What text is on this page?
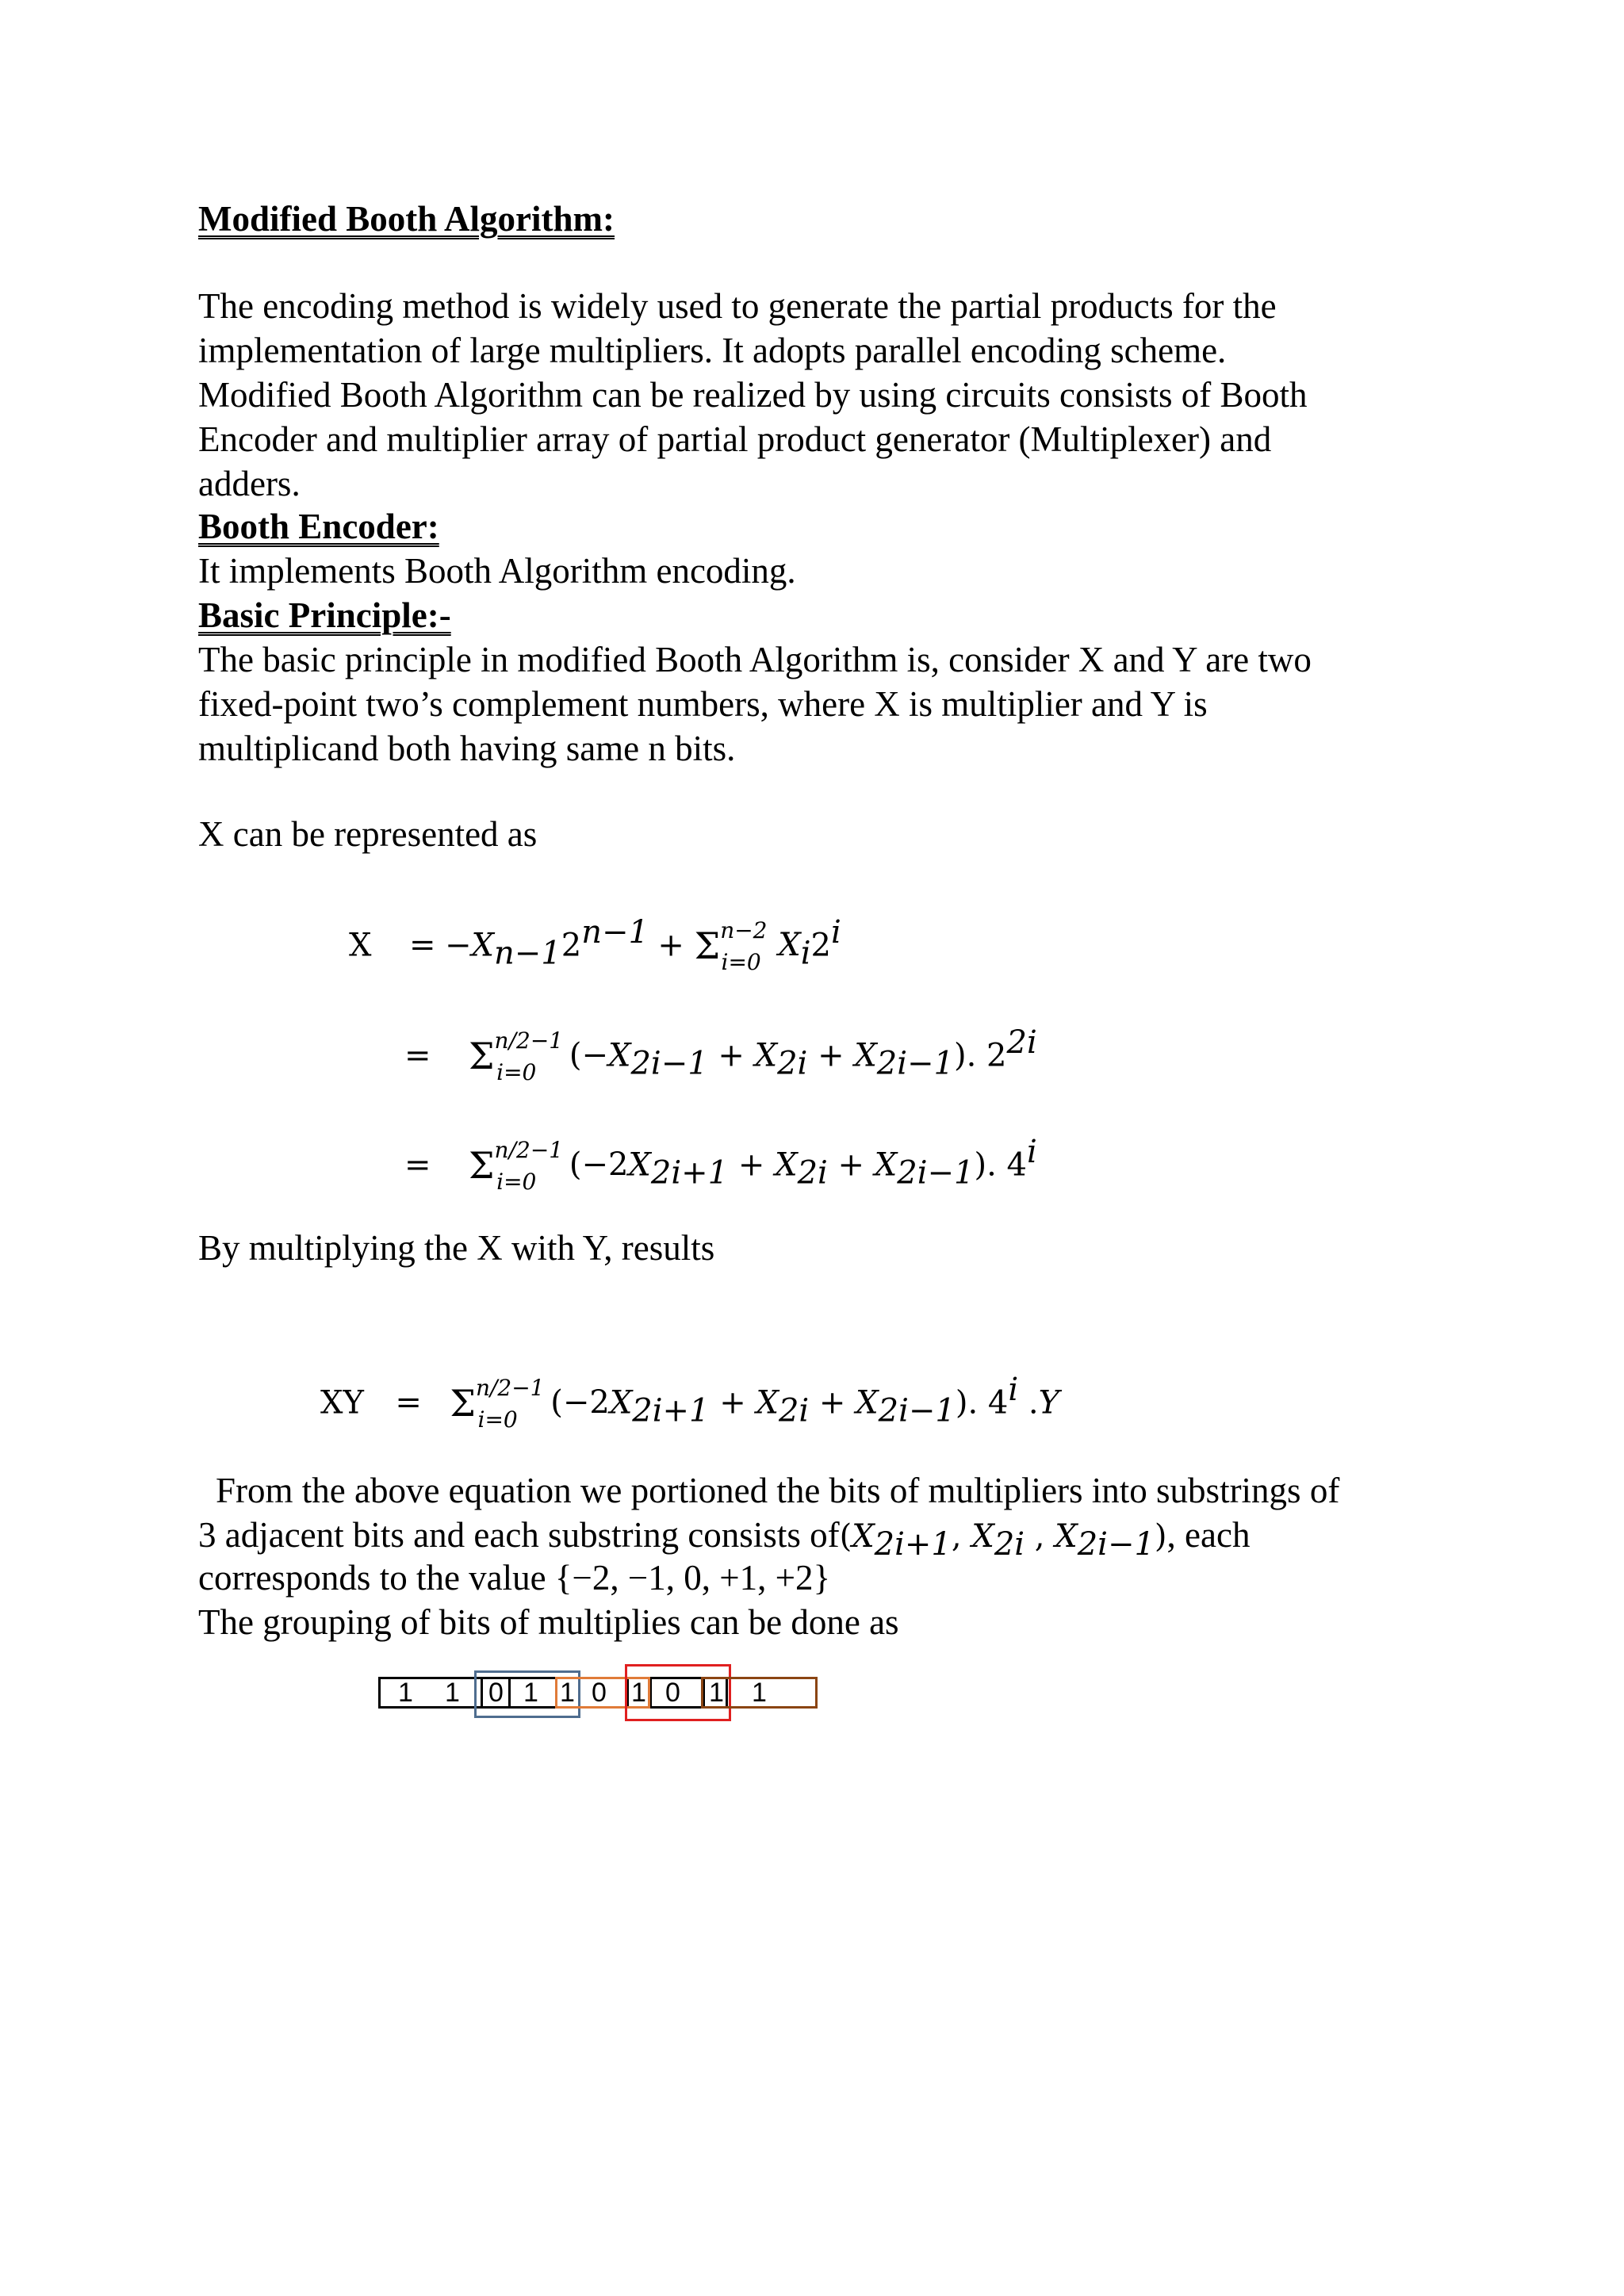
Modified Booth Algorithm:
The encoding method is widely used to generate the partial products for the
implementation of large multipliers. It adopts parallel encoding scheme.
Modified Booth Algorithm can be realized by using circuits consists of Booth
Encoder and multiplier array of partial product generator (Multiplexer) and
adders.
Booth Encoder:

It implements Booth Algorithm encoding.

Basic Principle:-
The basic principle in modified Booth Algorithm is, consider X and Y are two
fixed-point two’s complement numbers, where X is multiplier and Y is
multiplicand both having same n bits.

X can be represented as

$X = -X_{n-1}2^{n-1} + \Sigma^{n-2}_{i=0}$ $X_i2^i$
= $\Sigma^{n/2-1}_{i=0}$ $(-X_{2i-1} + X_{2i} + X_{2i-1})$. $2^{2i}$
= $\Sigma^{n/2-1}_{i=0}$ $(-2X_{2i+1} + X_{2i} + X_{2i-1})$. 4$^i$

By multiplying the X with Y, results

XY = $\Sigma^{n/2-1}_{i=0}$ $(-2X_{2i+1} + X_{2i} + X_{2i-1})$. 4$^i$ .Y

From the above equation we portioned the bits of multipliers into substrings of

3 adjacent bits and each substring consists $of(X_{2i+1}$, $X_{2i}$ , $X_{2i-1}$), each

corresponds to the value {−2, −1, 0, +1, +2}

The grouping of bits of multiplies can be done as

1 1 0 1 1 0 1 0 1 1
